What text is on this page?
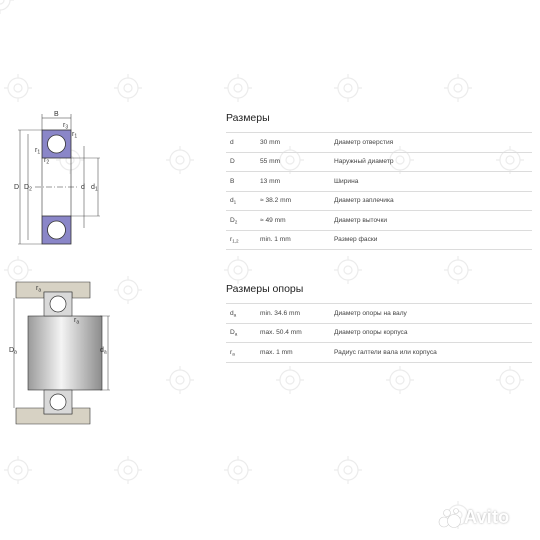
B
$r_3$
$r_1$
$r_1$
$r_2$
D $D_2$	d $d_1$
$D_a$	$d_a$
$r_a$
$r_a$
Размеры
d	30 mm	Диаметр отверстия
D	55 mm	Наружный диаметр
B	13 mm	Ширина
$d_1$	≈ 38.2 mm	Диаметр заплечика
$D_2$	≈ 49 mm	Диаметр выточки
$r_{1,2}$	min. 1 mm	Размер фаски
Размеры опоры
$d_a$	min. 34.6 mm	Диаметр опоры на валу
$D_a$	max. 50.4 mm	Диаметр опоры корпуса
$r_a$	max. 1 mm	Радиус галтели вала или корпуса
Avito
